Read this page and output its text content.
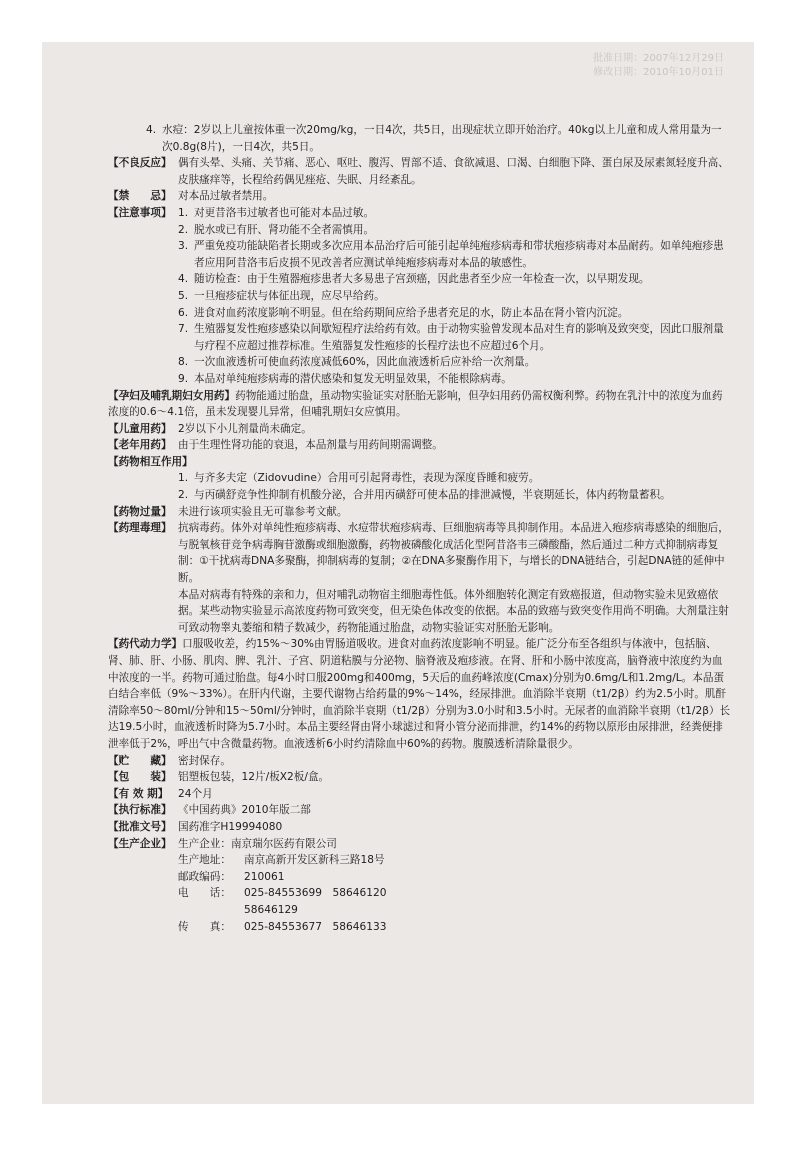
批准日期：2007年12月29日
修改日期：2010年10月01日
4. 水痘：2岁以上儿童按体重一次20mg/kg，一日4次，共5日，出现症状立即开始治疗。40kg以上儿童和成人常用量为一次0.8g(8片)，一日4次，共5日。
【不良反应】 偶有头晕、头痛、关节痛、恶心、呕吐、腹泻、胃部不适、食欲减退、口渴、白细胞下降、蛋白尿及尿素氮轻度升高、皮肤瘙痒等，长程给药偶见痤疮、失眠、月经紊乱。
【禁　　忌】 对本品过敏者禁用。
【注意事项】 1. 对更昔洛韦过敏者也可能对本品过敏。
2. 脱水或已有肝、肾功能不全者需慎用。
3. 严重免疫功能缺陷者长期或多次应用本品治疗后可能引起单纯疱疹病毒和带状疱疹病毒对本品耐药。如单纯疱疹患者应用阿昔洛韦后皮损不见改善者应测试单纯疱疹病毒对本品的敏感性。
4. 随访检查：由于生殖器疱疹患者大多易患子宫颈癌，因此患者至少应一年检查一次，以早期发现。
5. 一旦疱疹症状与体征出现，应尽早给药。
6. 进食对血药浓度影响不明显。但在给药期间应给予患者充足的水，防止本品在肾小管内沉淀。
7. 生殖器复发性疱疹感染以间歇短程疗法给药有效。由于动物实验曾发现本品对生育的影响及致突变，因此口服剂量与疗程不应超过推荐标准。生殖器复发性疱疹的长程疗法也不应超过6个月。
8. 一次血液透析可使血药浓度减低60%，因此血液透析后应补给一次剂量。
9. 本品对单纯疱疹病毒的潜伏感染和复发无明显效果，不能根除病毒。
【孕妇及哺乳期妇女用药】药物能通过胎盘，虽动物实验证实对胚胎无影响，但孕妇用药仍需权衡利弊。药物在乳汁中的浓度为血药浓度的0.6～4.1倍，虽未发现婴儿异常，但哺乳期妇女应慎用。
【儿童用药】 2岁以下小儿剂量尚未确定。
【老年用药】 由于生理性肾功能的衰退，本品剂量与用药间期需调整。
【药物相互作用】
1. 与齐多夫定（Zidovudine）合用可引起肾毒性，表现为深度昏睡和疲劳。
2. 与丙磺舒竞争性抑制有机酸分泌，合并用丙磺舒可使本品的排泄减慢，半衰期延长，体内药物量蓄积。
【药物过量】 未进行该项实验且无可靠参考文献。
【药理毒理】 抗病毒药。体外对单纯性疱疹病毒、水痘带状疱疹病毒、巨细胞病毒等具抑制作用。本品进入疱疹病毒感染的细胞后，与脱氧核苷竞争病毒胸苷激酶或细胞激酶，药物被磷酸化成活化型阿昔洛韦三磷酸酯，然后通过二种方式抑制病毒复制：①干扰病毒DNA多聚酶，抑制病毒的复制；②在DNA多聚酶作用下，与增长的DNA链结合，引起DNA链的延伸中断。
本品对病毒有特殊的亲和力，但对哺乳动物宿主细胞毒性低。体外细胞转化测定有致癌报道，但动物实验未见致癌依据。某些动物实验显示高浓度药物可致突变，但无染色体改变的依据。本品的致癌与致突变作用尚不明确。大剂量注射可致动物睾丸萎缩和精子数减少，药物能通过胎盘，动物实验证实对胚胎无影响。
【药代动力学】口服吸收差，约15%～30%由胃肠道吸收。进食对血药浓度影响不明显。能广泛分布至各组织与体液中，包括脑、肾、肺、肝、小肠、肌肉、脾、乳汁、子宫、阴道粘膜与分泌物、脑脊液及疱疹液。在肾、肝和小肠中浓度高，脑脊液中浓度约为血中浓度的一半。药物可通过胎盘。每4小时口服200mg和400mg，5天后的血药峰浓度(Cmax)分别为0.6mg/L和1.2mg/L。本品蛋白结合率低（9%～33%）。在肝内代谢，主要代谢物占给药量的9%～14%，经尿排泄。血消除半衰期（t1/2β）约为2.5小时。肌酐清除率50～80ml/分钟和15～50ml/分钟时，血消除半衰期（t1/2β）分别为3.0小时和3.5小时。无尿者的血消除半衰期（t1/2β）长达19.5小时，血液透析时降为5.7小时。本品主要经肾由肾小球滤过和肾小管分泌而排泄，约14%的药物以原形由尿排泄，经粪便排泄率低于2%，呼出气中含微量药物。血液透析6小时约清除血中60%的药物。腹膜透析清除量很少。
【贮　　藏】 密封保存。
【包　　装】 铝塑板包装，12片/板X2板/盒。
【有 效 期】 24个月
【执行标准】 《中国药典》2010年版二部
【批准文号】 国药准字H19994080
【生产企业】 生产企业：南京瑞尔医药有限公司
生产地址：	南京高新开发区新科三路18号
邮政编码：	210061
电　　话：	025-84553699　58646120
58646129
传　　真：	025-84553677　58646133
